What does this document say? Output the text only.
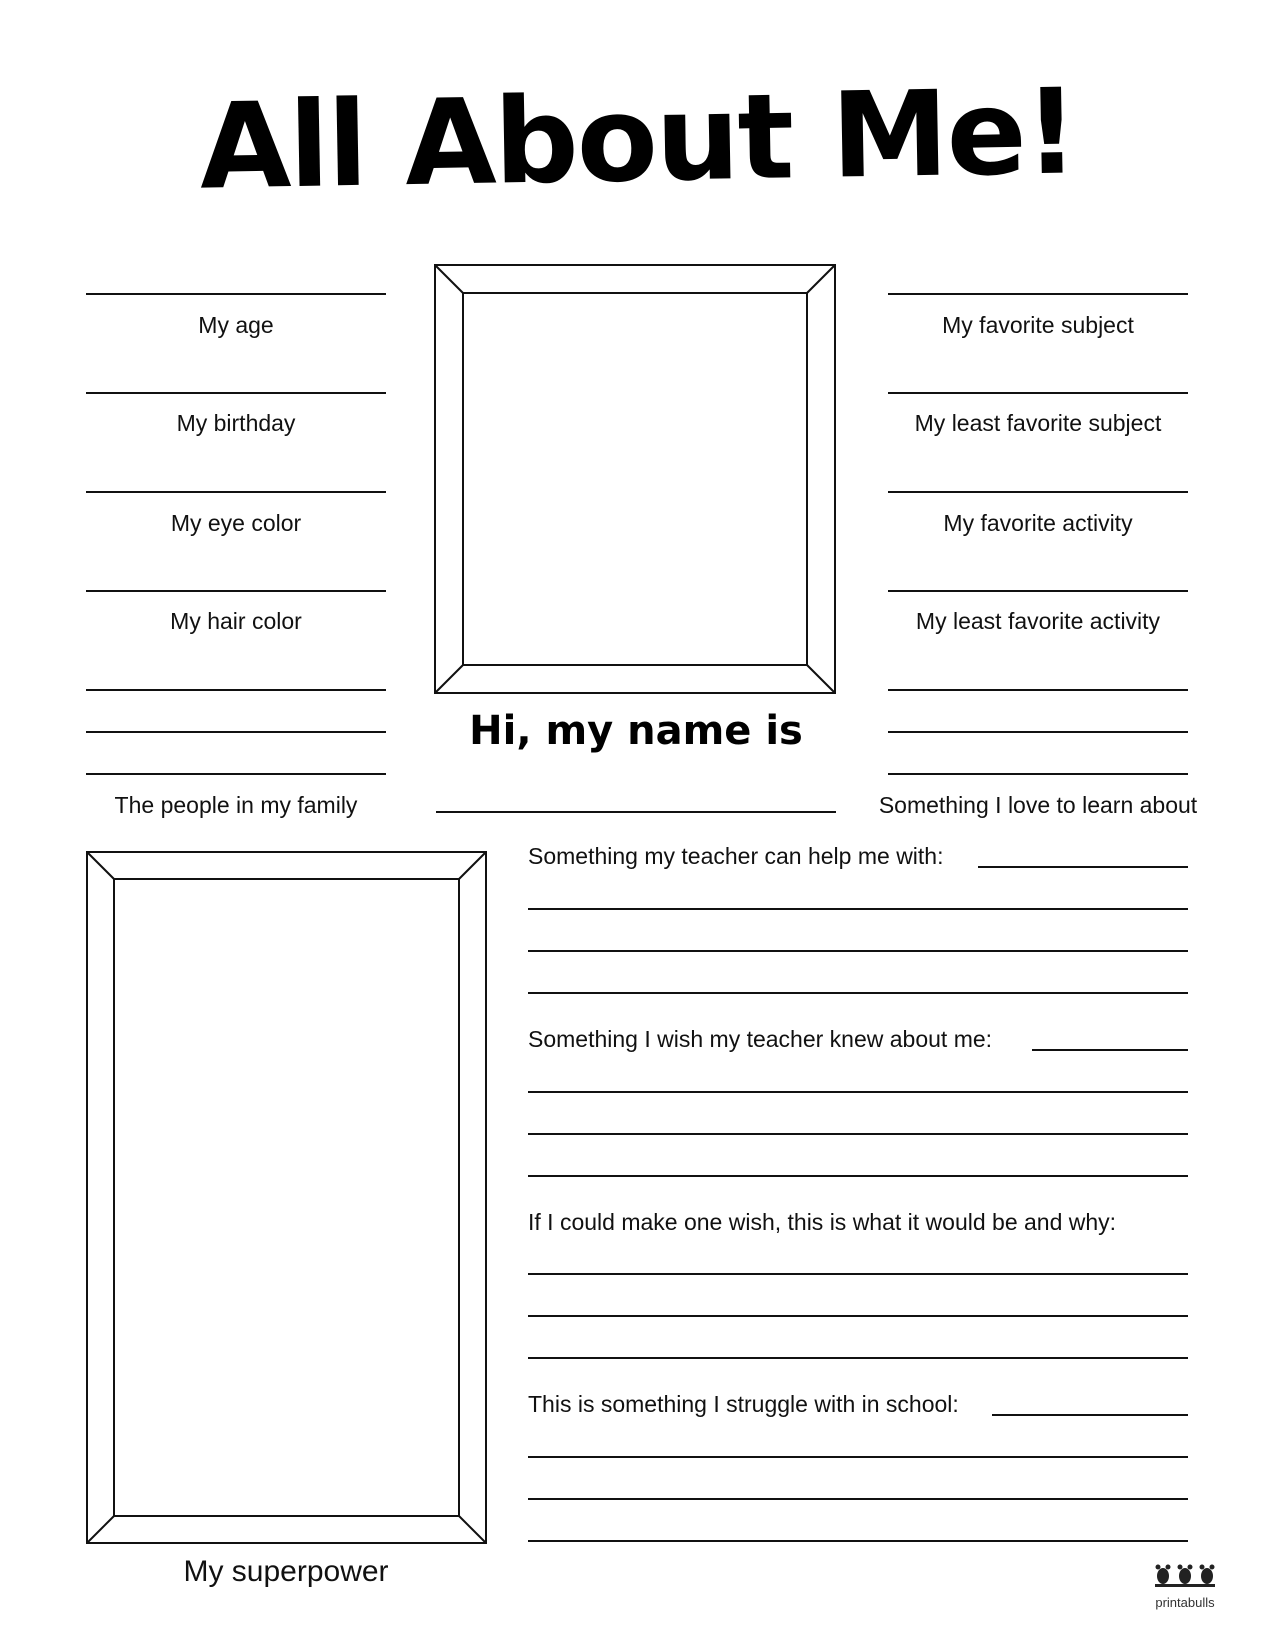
All About Me!
My age
My birthday
My eye color
My hair color
The people in my family
My favorite subject
My least favorite subject
My favorite activity
My least favorite activity
Something I love to learn about
Hi, my name is
My superpower
Something my teacher can help me with:
Something I wish my teacher knew about me:
If I could make one wish, this is what it would be and why:
This is something I struggle with in school:
printabulls
